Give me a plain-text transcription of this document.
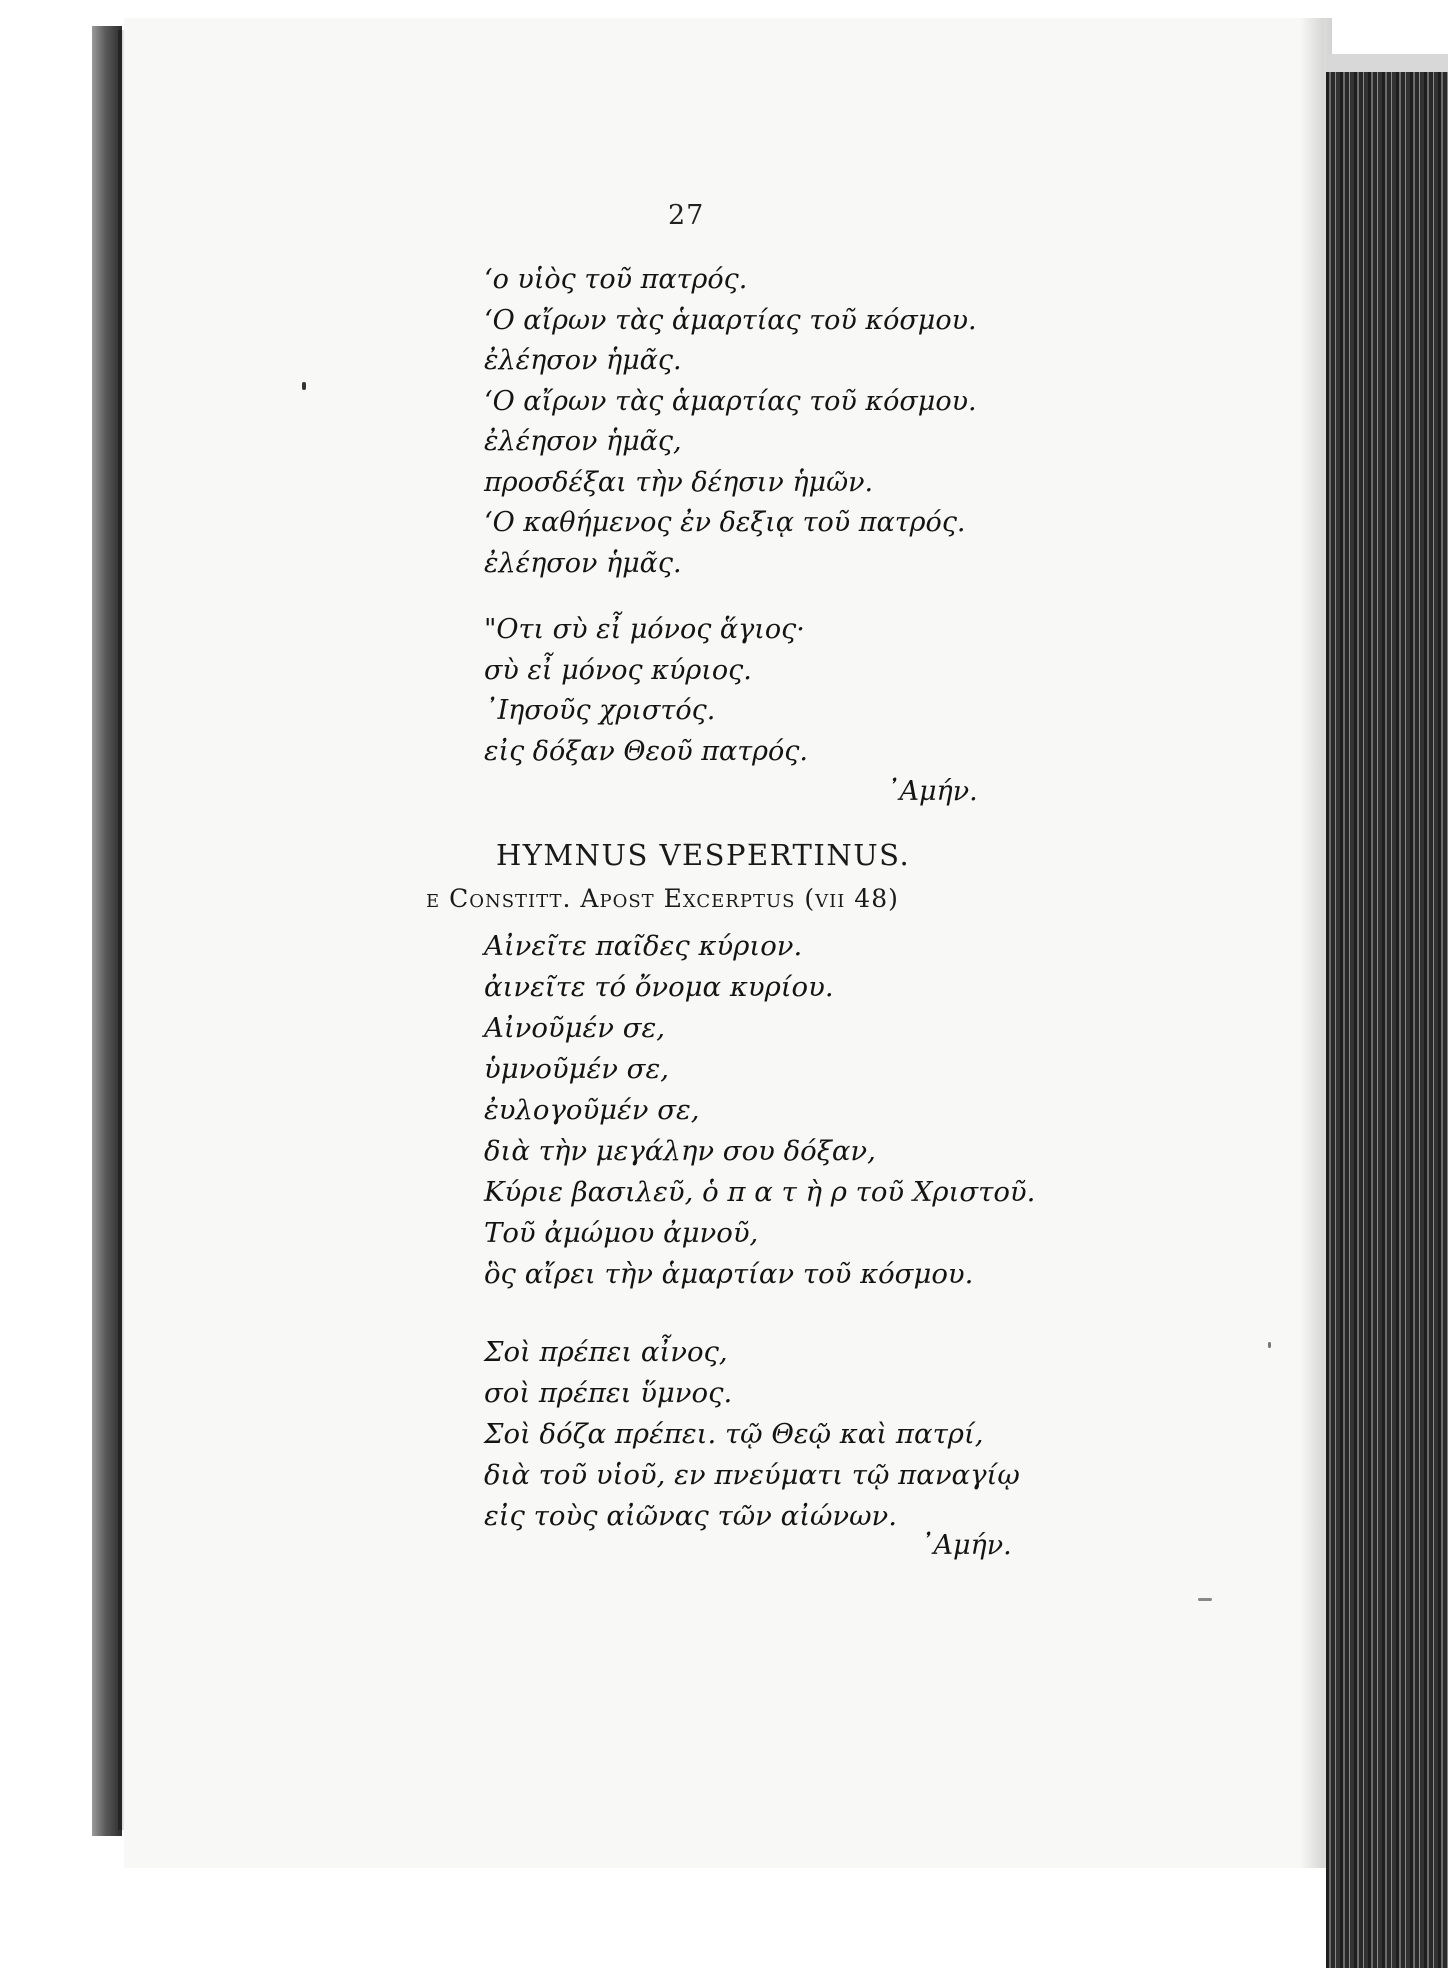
27
‘ο υἱὸς τοῦ πατρός.
‘Ο αἴρων τὰς ἁμαρτίας τοῦ κόσμου.
ἐλέησον ἡμᾶς.
‘Ο αἴρων τὰς ἁμαρτίας τοῦ κόσμου.
ἐλέησον ἡμᾶς,
προσδέξαι τὴν δέησιν ἡμῶν.
‘Ο καθήμενος ἐν δεξιᾳ τοῦ πατρός.
ἐλέησον ἡμᾶς.
"Οτι σὺ εἶ μόνος ἅγιος·
σὺ εἶ μόνος κύριος.
᾿Ιησοῦς χριστός.
εἰς δόξαν Θεοῦ πατρός.
᾿Αμήν.
HYMNUS VESPERTINUS.
e Constitt. Apost Excerptus (vii 48)
Αἰνεῖτε παῖδες κύριον.
ἀινεῖτε τό ὄνομα κυρίου.
Αἰνοῦμέν σε,
ὑμνοῦμέν σε,
ἐυλογοῦμέν σε,
διὰ τὴν μεγάλην σου δόξαν,
Κύριε βασιλεῦ, ὁ π α τ ὴ ρ τοῦ Χριστοῦ.
Τοῦ ἀμώμου ἀμνοῦ,
ὃς αἴρει τὴν ἁμαρτίαν τοῦ κόσμου.
Σοὶ πρέπει αἶνος,
σοὶ πρέπει ὕμνος.
Σοὶ δόζα πρέπει. τῷ Θεῷ καὶ πατρί,
διὰ τοῦ υἱοῦ, εν πνεύματι τῷ παναγίῳ
εἰς τοὺς αἰῶνας τῶν αἰώνων.
᾿Αμήν.
